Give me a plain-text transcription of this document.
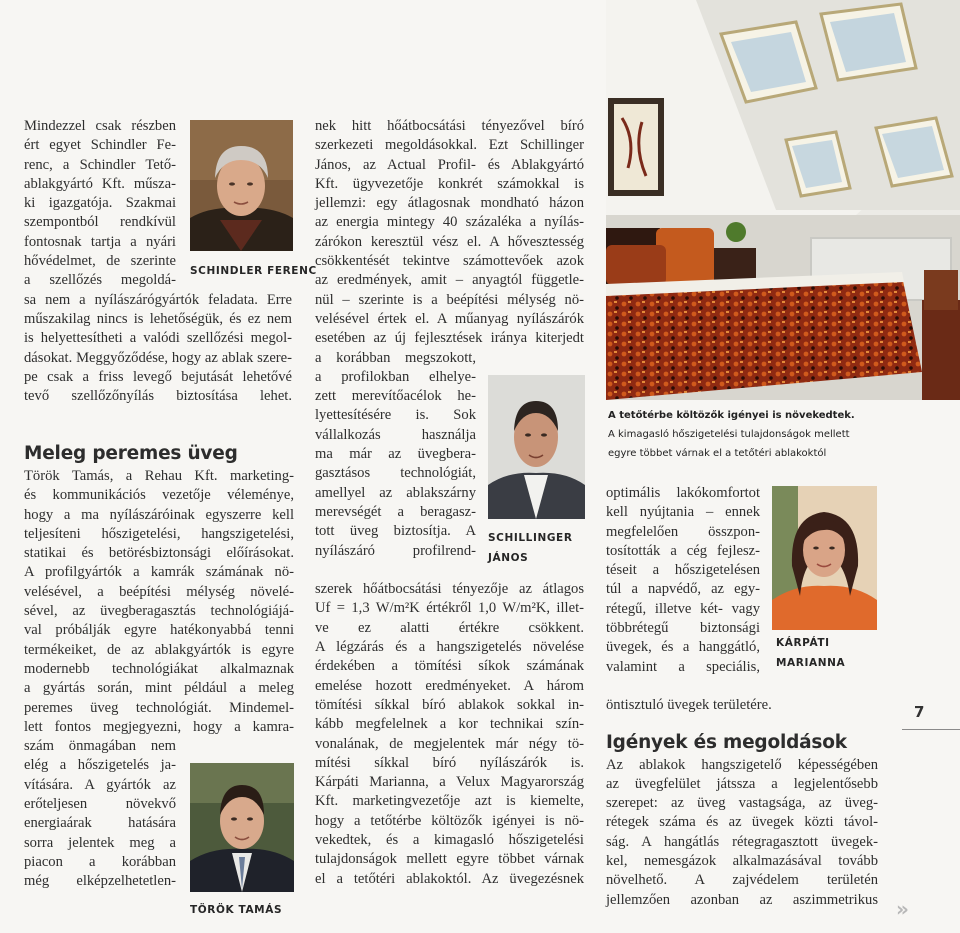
Mindezzel csak részben
ért egyet Schindler Fe-
renc, a Schindler Tető-
ablakgyártó Kft. műsza-
ki igazgatója. Szakmai
szempontból rendkívül
fontosnak tartja a nyári
hővédelmet, de szerinte
a szellőzés megoldá-

sa nem a nyílászárógyártók feladata. Erre
műszakilag nincs is lehetőségük, és ez nem
is helyettesítheti a valódi szellőzési megol-
dásokat. Meggyőződése, hogy az ablak szere-
pe csak a friss levegő bejutását lehetővé
tevő szellőzőnyílás biztosítása lehet.

Meleg peremes üveg

Török Tamás, a Rehau Kft. marketing-
és kommunikációs vezetője véleménye,
hogy a ma nyílászáróinak egyszerre kell
teljesíteni hőszigetelési, hangszigetelési,
statikai és betörésbiztonsági előírásokat.
A profilgyártók a kamrák számának nö-
velésével, a beépítési mélység növelé-
sével, az üvegberagasztás technológiájá-
val próbálják egyre hatékonyabbá tenni
termékeiket, de az ablakgyártók is egyre
modernebb technológiákat alkalmaznak
a gyártás során, mint például a meleg
peremes üveg technológiát. Mindemel-
lett fontos megjegyezni, hogy a kamra-

szám önmagában nem
elég a hőszigetelés ja-
vítására. A gyártók az
erőteljesen növekvő
energiaárak hatására
sorra jelentek meg a
piacon a korábban
még elképzelhetetlen-

SCHINDLER FERENC
TÖRÖK TAMÁS

nek hitt hőátbocsátási tényezővel bíró
szerkezeti megoldásokkal. Ezt Schillinger
János, az Actual Profil- és Ablakgyártó
Kft. ügyvezetője konkrét számokkal is
jellemzi: egy átlagosnak mondható házon
az energia mintegy 40 százaléka a nyílás-
zárókon keresztül vész el. A hővesztesség
csökkentését tekintve számottevőek azok
az eredmények, amit – anyagtól függetle-
nül – szerinte is a beépítési mélység nö-
velésével értek el. A műanyag nyílászárók
esetében az új fejlesztések iránya kiterjedt

a korábban megszokott,
a profilokban elhelye-
zett merevítőacélok he-
lyettesítésére is. Sok
vállalkozás használja
ma már az üvegbera-
gasztásos technológiát,
amellyel az ablakszárny
merevségét a beragasz-
tott üveg biztosítja. A
nyílászáró profilrend-

szerek hőátbocsátási tényezője az átlagos
Uf = 1,3 W/m²K értékről 1,0 W/m²K, illet-
ve ez alatti értékre csökkent.
A légzárás és a hangszigetelés növelése
érdekében a tömítési síkok számának
emelése hozott eredményeket. A három
tömítési síkkal bíró ablakok sokkal in-
kább megfelelnek a kor technikai szín-
vonalának, de megjelentek már négy tö-
mítési síkkal bíró nyílászárók is.
Kárpáti Marianna, a Velux Magyarország
Kft. marketingvezetője azt is kiemelte,
hogy a tetőtérbe költözők igényei is nö-
vekedtek, és a kimagasló hőszigetelési
tulajdonságok mellett egyre többet várnak
el a tetőtéri ablakoktól. Az üvegezésnek

SCHILLINGER
JÁNOS
A tetőtérbe költözők igényei is növekedtek.
A kimagasló hőszigetelési tulajdonságok mellett
egyre többet várnak el a tetőtéri ablakoktól

optimális lakókomfortot
kell nyújtania – ennek
megfelelően összpon-
tosították a cég fejlesz-
téseit a hőszigetelésen
túl a napvédő, az egy-
rétegű, illetve két- vagy
többrétegű biztonsági
üvegek, és a hanggátló,
valamint a speciális,

KÁRPÁTI
MARIANNA

öntisztuló üvegek területére.

Igények és megoldások

Az ablakok hangszigetelő képességében
az üvegfelület játssza a legjelentősebb
szerepet: az üveg vastagsága, az üveg-
rétegek száma és az üvegek közti távol-
ság. A hangátlás rétegragasztott üvegek-
kel, nemesgázok alkalmazásával tovább
növelhető. A zajvédelem területén
jellemzően azonban az aszimmetrikus

7
»
